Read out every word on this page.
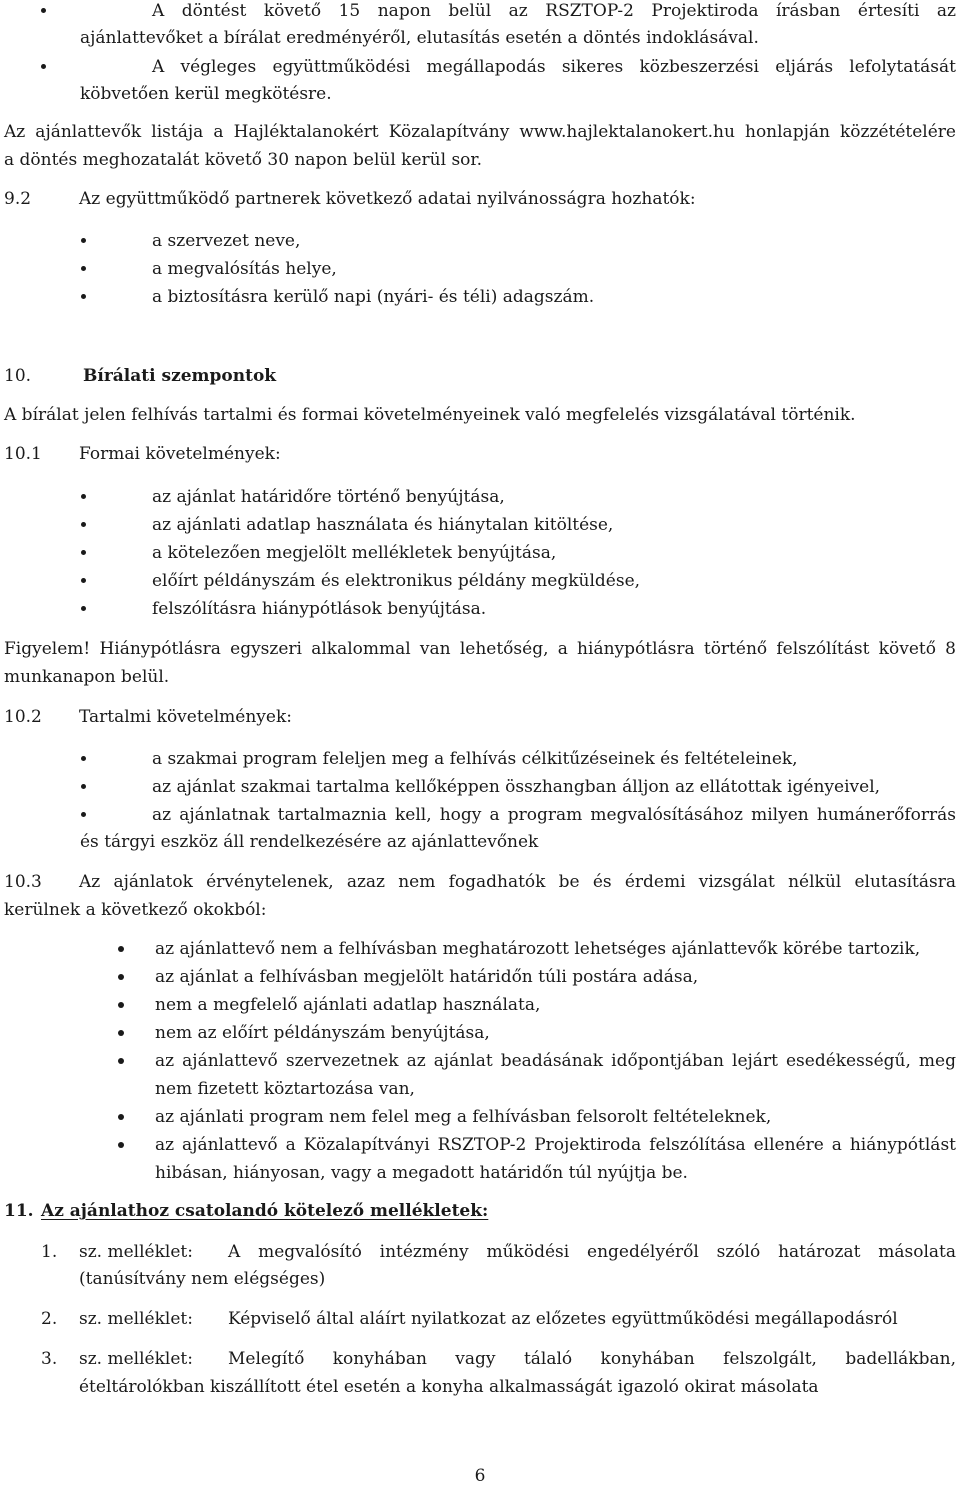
A döntést követő 15 napon belül az RSZTOP-2 Projektiroda írásban értesíti az
ajánlattevőket a bírálat eredményéről, elutasítás esetén a döntés indoklásával.
A végleges együttműködési megállapodás sikeres közbeszerzési eljárás lefolytatását
köbvetően kerül megkötésre.
Az ajánlattevők listája a Hajléktalanokért Közalapítvány www.hajlektalanokert.hu honlapján közzétételére
a döntés meghozatalát követő 30 napon belül kerül sor.
9.2	Az együttműködő partnerek következő adatai nyilvánosságra hozhatók:
a szervezet neve,
a megvalósítás helye,
a biztosításra kerülő napi (nyári- és téli) adagszám.
10.	Bírálati szempontok
A bírálat jelen felhívás tartalmi és formai követelményeinek való megfelelés vizsgálatával történik.
10.1 Formai követelmények:
az ajánlat határidőre történő benyújtása,
az ajánlati adatlap használata és hiánytalan kitöltése,
a kötelezően megjelölt mellékletek benyújtása,
előírt példányszám és elektronikus példány megküldése,
felszólításra hiánypótlások benyújtása.
Figyelem! Hiánypótlásra egyszeri alkalommal van lehetőség, a hiánypótlásra történő felszólítást követő 8
munkanapon belül.
10.2 Tartalmi követelmények:
a szakmai program feleljen meg a felhívás célkitűzéseinek és feltételeinek,
az ajánlat szakmai tartalma kellőképpen összhangban álljon az ellátottak igényeivel,
az ajánlatnak tartalmaznia kell, hogy a program megvalósításához milyen humánerőforrás
és tárgyi eszköz áll rendelkezésére az ajánlattevőnek
10.3 Az ajánlatok érvénytelenek, azaz nem fogadhatók be és érdemi vizsgálat nélkül elutasításra
kerülnek a következő okokból:
az ajánlattevő nem a felhívásban meghatározott lehetséges ajánlattevők körébe tartozik,
az ajánlat a felhívásban megjelölt határidőn túli postára adása,
nem a megfelelő ajánlati adatlap használata,
nem az előírt példányszám benyújtása,
az ajánlattevő szervezetnek az ajánlat beadásának időpontjában lejárt esedékességű, meg
nem fizetett köztartozása van,
az ajánlati program nem felel meg a felhívásban felsorolt feltételeknek,
az ajánlattevő a Közalapítványi RSZTOP-2 Projektiroda felszólítása ellenére a hiánypótlást
hibásan, hiányosan, vagy a megadott határidőn túl nyújtja be.
11. Az ajánlathoz csatolandó kötelező mellékletek:
1. sz. melléklet: A megvalósító intézmény működési engedélyéről szóló határozat másolata
(tanúsítvány nem elégséges)
2. sz. melléklet: Képviselő által aláírt nyilatkozat az előzetes együttműködési megállapodásról
3. sz. melléklet: Melegítő konyhában vagy tálaló konyhában felszolgált, badellákban,
ételtárolókban kiszállított étel esetén a konyha alkalmasságát igazoló okirat másolata
6
